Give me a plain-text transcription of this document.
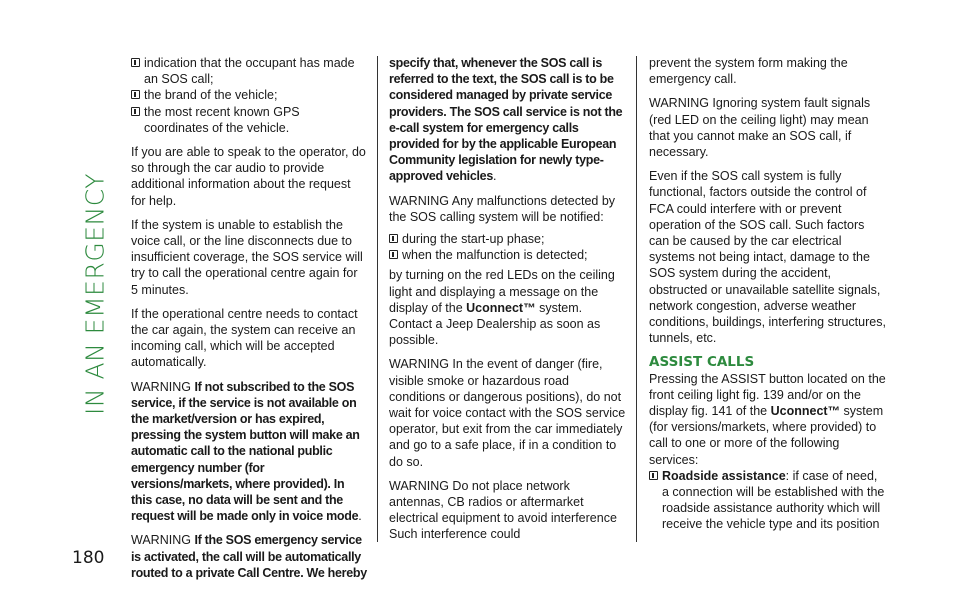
IN AN EMERGENCY
180
indication that the occupant has made an SOS call;
the brand of the vehicle;
the most recent known GPS coordinates of the vehicle.

If you are able to speak to the operator, do so through the car audio to provide additional information about the request for help.

If the system is unable to establish the voice call, or the line disconnects due to insufficient coverage, the SOS service will try to call the operational centre again for 5 minutes.

If the operational centre needs to contact the car again, the system can receive an incoming call, which will be accepted automatically.

WARNING If not subscribed to the SOS service, if the service is not available on the market/version or has expired, pressing the system button will make an automatic call to the national public emergency number (for versions/markets, where provided). In this case, no data will be sent and the request will be made only in voice mode.

WARNING If the SOS emergency service is activated, the call will be automatically routed to a private Call Centre. We hereby

specify that, whenever the SOS call is referred to the text, the SOS call is to be considered managed by private service providers. The SOS call service is not the e-call system for emergency calls provided for by the applicable European Community legislation for newly type-approved vehicles.

WARNING Any malfunctions detected by the SOS calling system will be notified:

during the start-up phase;
when the malfunction is detected;

by turning on the red LEDs on the ceiling light and displaying a message on the display of the Uconnect™ system. Contact a Jeep Dealership as soon as possible.

WARNING In the event of danger (fire, visible smoke or hazardous road conditions or dangerous positions), do not wait for voice contact with the SOS service operator, but exit from the car immediately and go to a safe place, if in a condition to do so.

WARNING Do not place network antennas, CB radios or aftermarket electrical equipment to avoid interference Such interference could

prevent the system form making the emergency call.

WARNING Ignoring system fault signals (red LED on the ceiling light) may mean that you cannot make an SOS call, if necessary.

Even if the SOS call system is fully functional, factors outside the control of FCA could interfere with or prevent operation of the SOS call. Such factors can be caused by the car electrical systems not being intact, damage to the SOS system during the accident, obstructed or unavailable satellite signals, network congestion, adverse weather conditions, buildings, interfering structures, tunnels, etc.

ASSIST CALLS

Pressing the ASSIST button located on the front ceiling light fig. 139 and/or on the display fig. 141 of the Uconnect™ system (for versions/markets, where provided) to call to one or more of the following services:

Roadside assistance: if case of need, a connection will be established with the roadside assistance authority which will receive the vehicle type and its position
